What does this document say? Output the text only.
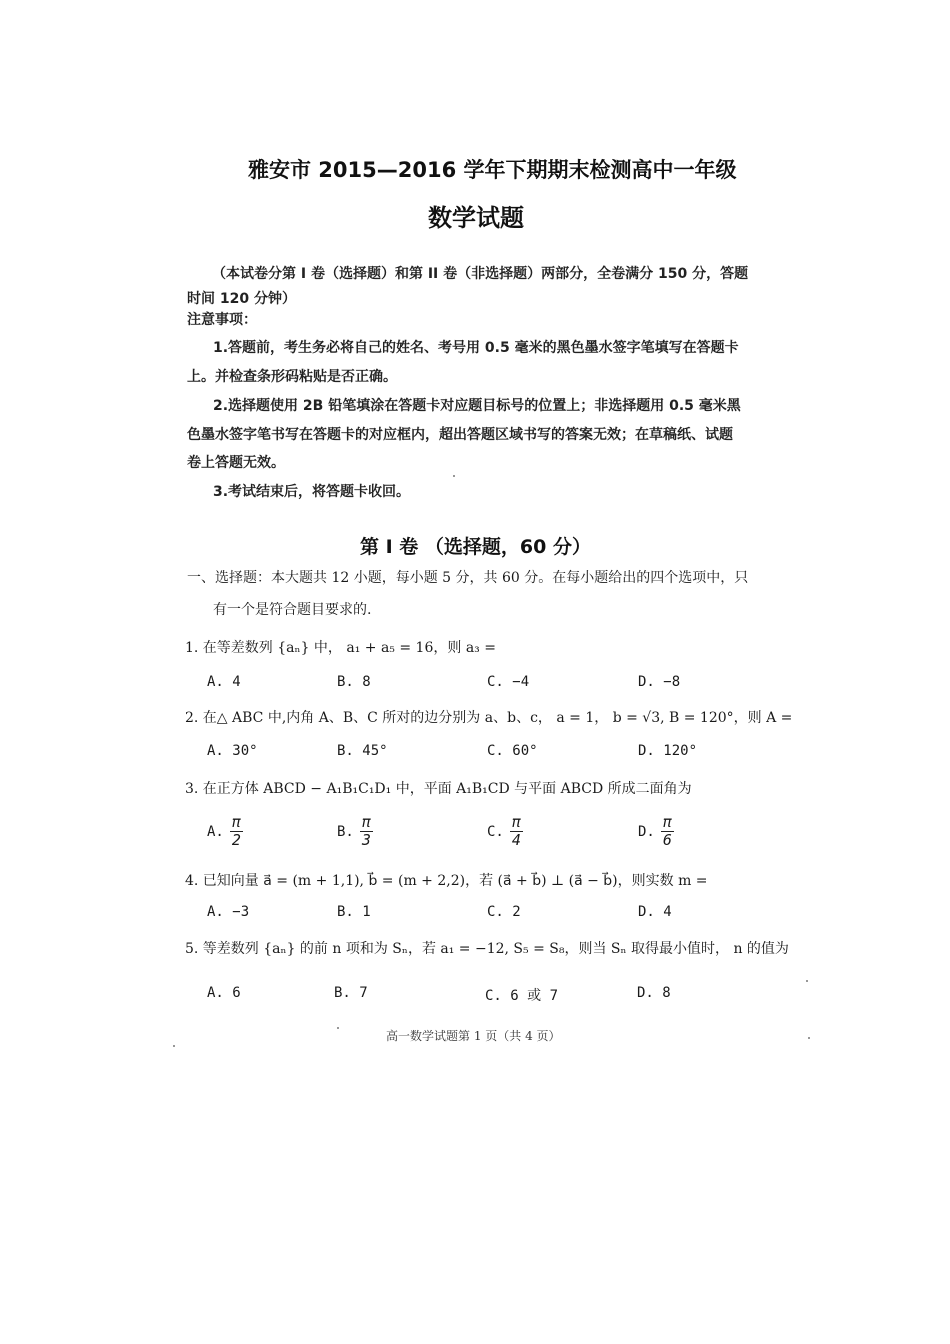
雅安市 2015—2016 学年下期期末检测高中一年级
数学试题
（本试卷分第 I 卷（选择题）和第 II 卷（非选择题）两部分，全卷满分 150 分，答题
时间 120 分钟）
注意事项：
1.答题前，考生务必将自己的姓名、考号用 0.5 毫米的黑色墨水签字笔填写在答题卡
上。并检查条形码粘贴是否正确。
2.选择题使用 2B 铅笔填涂在答题卡对应题目标号的位置上；非选择题用 0.5 毫米黑
色墨水签字笔书写在答题卡的对应框内，超出答题区域书写的答案无效；在草稿纸、试题
卷上答题无效。
3.考试结束后，将答题卡收回。
第 I 卷 （选择题，60 分）
一、选择题：本大题共 12 小题，每小题 5 分，共 60 分。在每小题给出的四个选项中，只
有一个是符合题目要求的.
1. 在等差数列 {aₙ} 中， a₁ + a₅ = 16，则 a₃ =
A. 4	B. 8	C. −4	D. −8
2. 在△ ABC 中,内角 A、B、C 所对的边分别为 a、b、c， a = 1， b = √3, B = 120°，则 A =
A. 30°	B. 45°	C. 60°	D. 120°
3. 在正方体 ABCD − A₁B₁C₁D₁ 中，平面 A₁B₁CD 与平面 ABCD 所成二面角为
A. $\frac{\pi}{2}$	B. $\frac{\pi}{3}$	C. $\frac{\pi}{4}$	D. $\frac{\pi}{6}$
4. 已知向量 a⃗ = (m + 1,1), b⃗ = (m + 2,2)，若 (a⃗ + b⃗) ⊥ (a⃗ − b⃗)，则实数 m =
A. −3	B. 1	C. 2	D. 4
5. 等差数列 {aₙ} 的前 n 项和为 Sₙ，若 a₁ = −12, S₅ = S₈，则当 Sₙ 取得最小值时， n 的值为
A. 6	B. 7	C. 6 或 7	D. 8
高一数学试题第 1 页（共 4 页）
